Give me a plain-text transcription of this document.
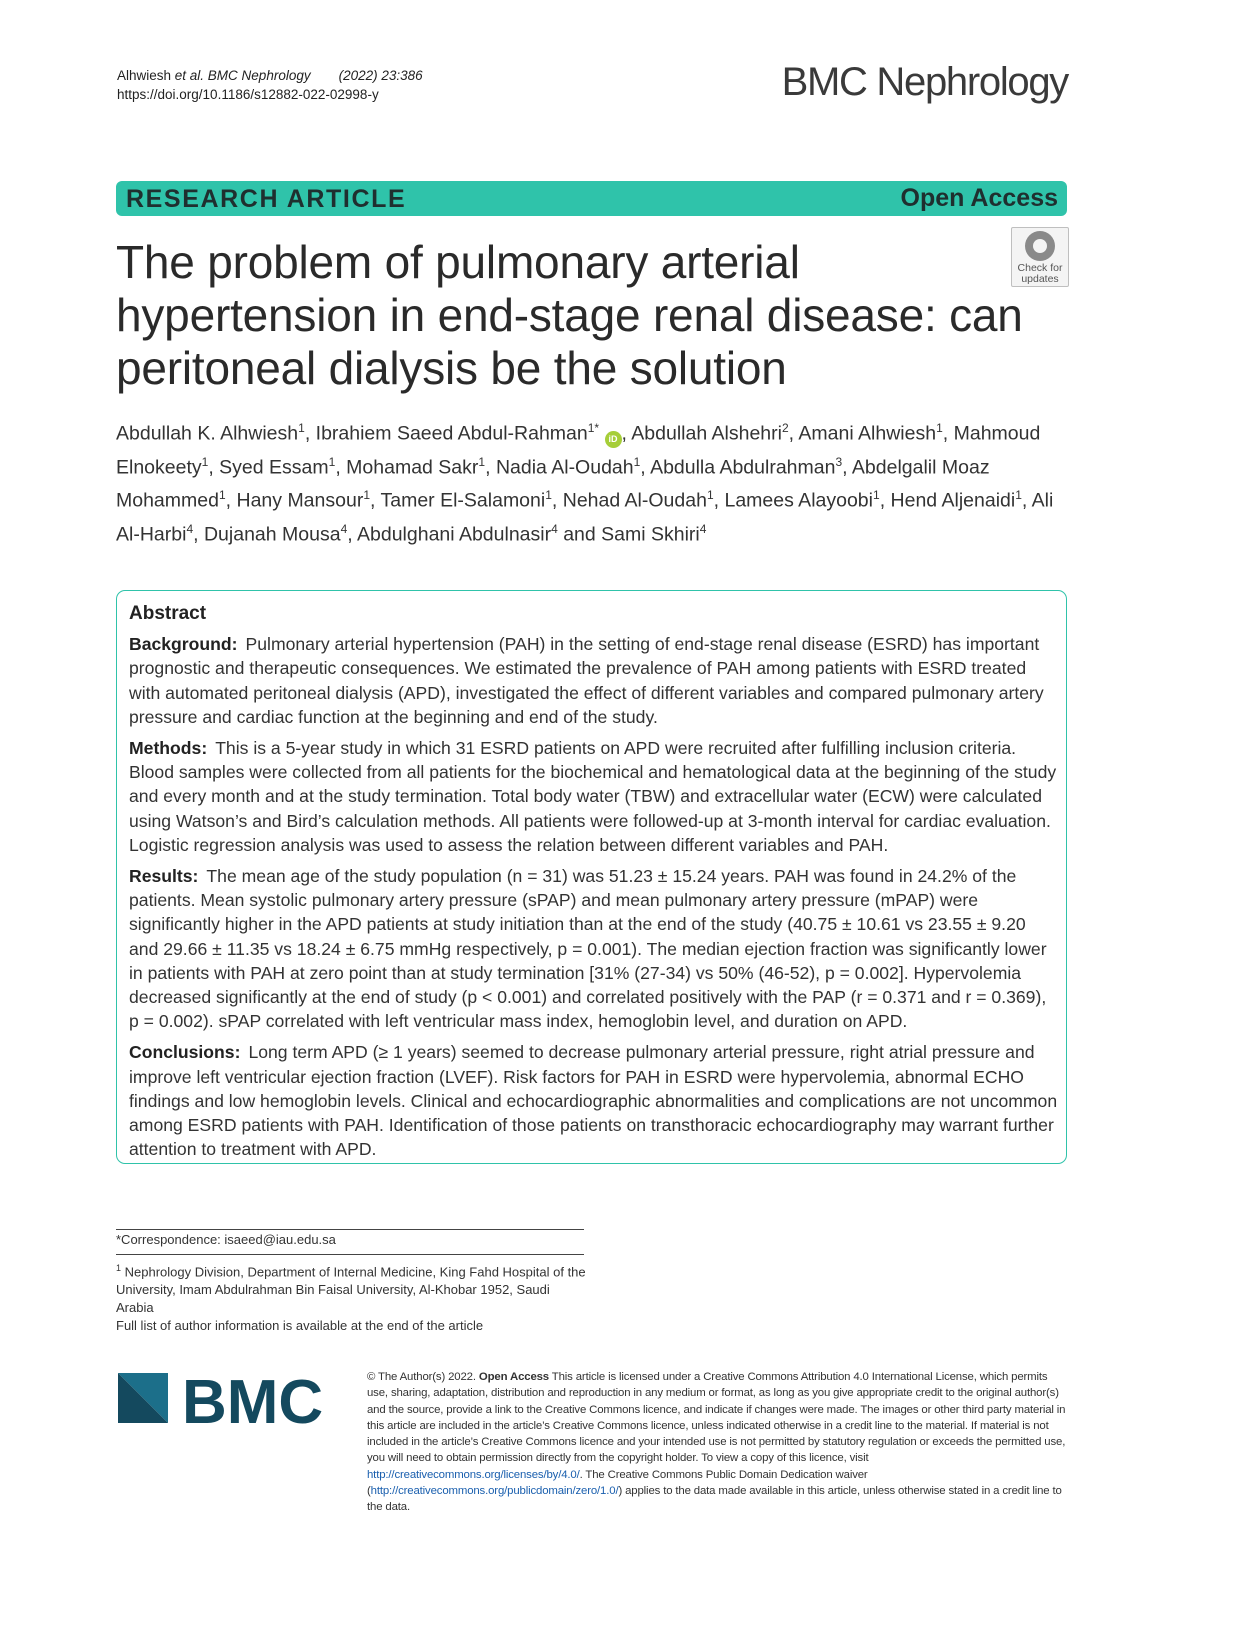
Alhwiesh et al. BMC Nephrology (2022) 23:386
https://doi.org/10.1186/s12882-022-02998-y	BMC Nephrology
RESEARCH ARTICLE	Open Access
Check for
updates
The problem of pulmonary arterial hypertension in end-stage renal disease: can peritoneal dialysis be the solution
Abdullah K. Alhwiesh$^1$, Ibrahiem Saeed Abdul-Rahman$^{1*}$ iD , Abdullah Alshehri$^2$, Amani Alhwiesh$^1$, Mahmoud Elnokeety$^1$, Syed Essam$^1$, Mohamad Sakr$^1$, Nadia Al-Oudah$^1$, Abdulla Abdulrahman$^3$, Abdelgalil Moaz Mohammed$^1$, Hany Mansour$^1$, Tamer El-Salamoni$^1$, Nehad Al-Oudah$^1$, Lamees Alayoobi$^1$, Hend Aljenaidi$^1$, Ali Al-Harbi$^4$, Dujanah Mousa$^4$, Abdulghani Abdulnasir$^4$ and Sami Skhiri$^4$
Abstract
Background: Pulmonary arterial hypertension (PAH) in the setting of end-stage renal disease (ESRD) has important prognostic and therapeutic consequences. We estimated the prevalence of PAH among patients with ESRD treated with automated peritoneal dialysis (APD), investigated the effect of different variables and compared pulmonary artery pressure and cardiac function at the beginning and end of the study.
Methods: This is a 5-year study in which 31 ESRD patients on APD were recruited after fulfilling inclusion criteria. Blood samples were collected from all patients for the biochemical and hematological data at the beginning of the study and every month and at the study termination. Total body water (TBW) and extracellular water (ECW) were calculated using Watson’s and Bird’s calculation methods. All patients were followed-up at 3-month interval for cardiac evaluation. Logistic regression analysis was used to assess the relation between different variables and PAH.
Results: The mean age of the study population (n = 31) was 51.23 ± 15.24 years. PAH was found in 24.2% of the patients. Mean systolic pulmonary artery pressure (sPAP) and mean pulmonary artery pressure (mPAP) were significantly higher in the APD patients at study initiation than at the end of the study (40.75 ± 10.61 vs 23.55 ± 9.20 and 29.66 ± 11.35 vs 18.24 ± 6.75 mmHg respectively, p = 0.001). The median ejection fraction was significantly lower in patients with PAH at zero point than at study termination [31% (27-34) vs 50% (46-52), p = 0.002]. Hypervolemia decreased significantly at the end of study (p < 0.001) and correlated positively with the PAP (r = 0.371 and r = 0.369), p = 0.002). sPAP correlated with left ventricular mass index, hemoglobin level, and duration on APD.
Conclusions: Long term APD (≥ 1 years) seemed to decrease pulmonary arterial pressure, right atrial pressure and improve left ventricular ejection fraction (LVEF). Risk factors for PAH in ESRD were hypervolemia, abnormal ECHO findings and low hemoglobin levels. Clinical and echocardiographic abnormalities and complications are not uncommon among ESRD patients with PAH. Identification of those patients on transthoracic echocardiography may warrant further attention to treatment with APD.
*Correspondence: isaeed@iau.edu.sa
$^1$ Nephrology Division, Department of Internal Medicine, King Fahd Hospital of the University, Imam Abdulrahman Bin Faisal University, Al-Khobar 1952, Saudi Arabia
Full list of author information is available at the end of the article
BMC	© The Author(s) 2022. Open Access This article is licensed under a Creative Commons Attribution 4.0 International License, which permits use, sharing, adaptation, distribution and reproduction in any medium or format, as long as you give appropriate credit to the original author(s) and the source, provide a link to the Creative Commons licence, and indicate if changes were made. The images or other third party material in this article are included in the article’s Creative Commons licence, unless indicated otherwise in a credit line to the material. If material is not included in the article’s Creative Commons licence and your intended use is not permitted by statutory regulation or exceeds the permitted use, you will need to obtain permission directly from the copyright holder. To view a copy of this licence, visit http://creativecommons.org/licenses/by/4.0/. The Creative Commons Public Domain Dedication waiver (http://creativecommons.org/publicdomain/zero/1.0/) applies to the data made available in this article, unless otherwise stated in a credit line to the data.
